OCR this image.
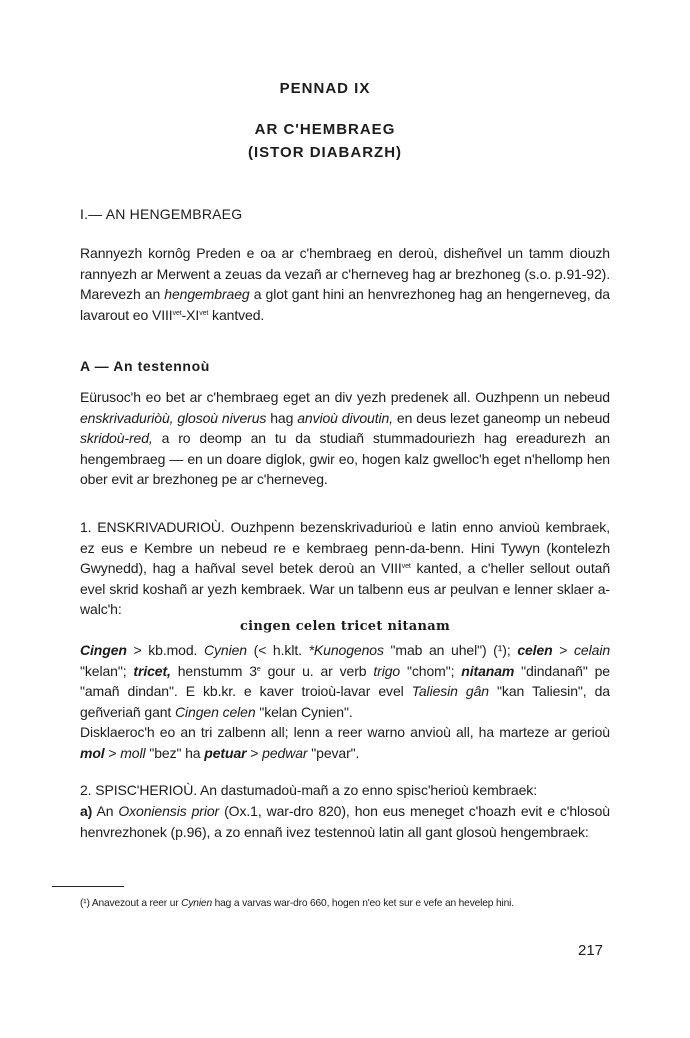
PENNAD IX
AR C'HEMBRAEG
(ISTOR DIABARZH)
I.— AN HENGEMBRAEG

Rannyezh kornôg Preden e oa ar c'hembraeg en deroù, disheñvel un tamm diouzh rannyezh ar Merwent a zeuas da vezañ ar c'herneveg hag ar brezhoneg (s.o. p.91-92). Marevezh an hengembraeg a glot gant hini an henvrezhoneg hag an hengerneveg, da lavarout eo $VIII^{vet}-XI^{vet}$ kantved.

A — An testennoù

Eürusoc'h eo bet ar c'hembraeg eget an div yezh predenek all. Ouzhpenn un nebeud enskrivaduriòù, glosoù niverus hag anvioù divoutin, en deus lezet ganeomp un nebeud skridoù-red, a ro deomp an tu da studiañ stummadouriezh hag ereadurezh an hengembraeg — en un doare diglok, gwir eo, hogen kalz gwelloc'h eget n'hellomp hen ober evit ar brezhoneg pe ar c'herneveg.

1. ENSKRIVADURIOÙ. Ouzhpenn bezenskrivadurioù e latin enno anvioù kembraek, ez eus e Kembre un nebeud re e kembraeg penn-da-benn. Hini Tywyn (kontelezh Gwynedd), hag a hañval sevel betek deroù an $VIII^{vet}$ kanted, a c'heller sellout outañ evel skrid koshañ ar yezh kembraek. War un talbenn eus ar peulvan e lenner sklaer a-walc'h:

cingen celen tricet nitanam

Cingen > kb.mod. Cynien (< h.klt. *Kunogenos "mab an uhel") (¹); celen > celain "kelan"; tricet, henstumm 3e gour u. ar verb trigo "chom"; nitanam "dindanañ" pe "amañ dindan". E kb.kr. e kaver troioù-lavar evel Taliesin gân "kan Taliesin", da geñveriañ gant Cingen celen "kelan Cynien".

Disklaeroc'h eo an tri zalbenn all; lenn a reer warno anvioù all, ha marteze ar gerioù mol > moll "bez" ha petuar > pedwar "pevar".

2. SPISC'HERIOÙ. An dastumadoù-mañ a zo enno spisc'herioù kembraek:

a) An Oxoniensis prior (Ox.1, war-dro 820), hon eus meneget c'hoazh evit e c'hlosoù henvrezhonek (p.96), a zo ennañ ivez testennoù latin all gant glosoù hengembraek:

(¹) Anavezout a reer ur Cynien hag a varvas war-dro 660, hogen n'eo ket sur e vefe an hevelep hini.
217
